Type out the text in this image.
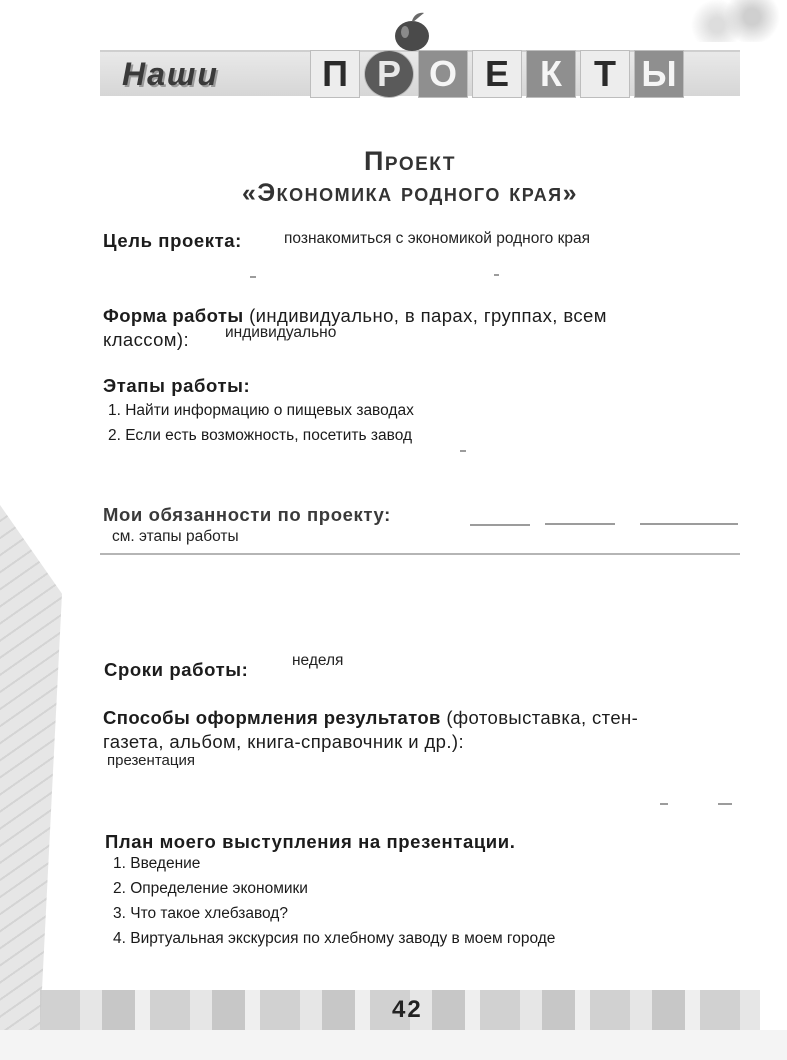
Наши	П Р О Е К Т Ы
Проект
«Экономика родного края»
Цель проекта:	познакомиться с экономикой родного края
Форма работы (индивидуально, в парах, группах, всем
классом): индивидуально
Этапы работы:
1. Найти информацию о пищевых заводах
2. Если есть возможность, посетить завод
Мои обязанности по проекту:
см. этапы работы
Сроки работы:	неделя
Способы оформления результатов (фотовыставка, стен-
газета, альбом, книга-справочник и др.):
презентация
План моего выступления на презентации.
1. Введение
2. Определение экономики
3. Что такое хлебзавод?
4. Виртуальная экскурсия по хлебному заводу в моем городе
42
